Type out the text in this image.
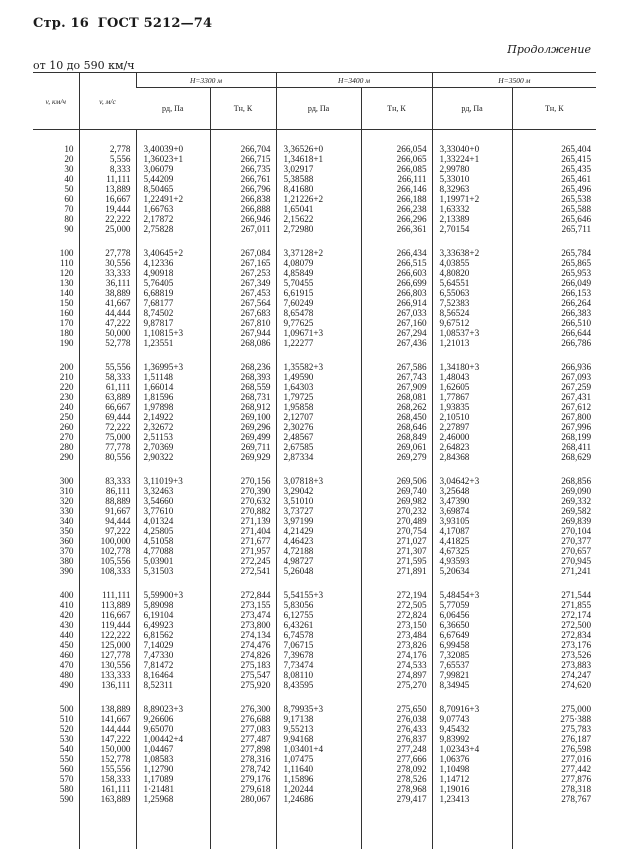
Стр. 16 ГОСТ 5212—74
Продолжение
от 10 до 590 км/ч
v, км/ч	v, м/с	H=3300 м		H=3400 м		H=3500 м	
		pд, Па	Tн, К	pд, Па	Tн, К	pд, Па	Tн, К

10	2,778	3,40039+0	266,704	3,36526+0	266,054	3,33040+0	265,404
20	5,556	1,36023+1	266,715	1,34618+1	266,065	1,33224+1	265,415
30	8,333	3,06079	266,735	3,02917	266,085	2,99780	265,435
40	11,111	5,44209	266,761	5,38588	266,111	5,33010	265,461
50	13,889	8,50465	266,796	8,41680	266,146	8,32963	265,496
60	16,667	1,22491+2	266,838	1,21226+2	266,188	1,19971+2	265,538
70	19,444	1,66763	266,888	1,65041	266,238	1,63332	265,588
80	22,222	2,17872	266,946	2,15622	266,296	2,13389	265,646
90	25,000	2,75828	267,011	2,72980	266,361	2,70154	265,711

100	27,778	3,40645+2	267,084	3,37128+2	266,434	3,33638+2	265,784
110	30,556	4,12336	267,165	4,08079	266,515	4,03855	265,865
120	33,333	4,90918	267,253	4,85849	266,603	4,80820	265,953
130	36,111	5,76405	267,349	5,70455	266,699	5,64551	266,049
140	38,889	6,68819	267,453	6,61915	266,803	6,55063	266,153
150	41,667	7,68177	267,564	7,60249	266,914	7,52383	266,264
160	44,444	8,74502	267,683	8,65478	267,033	8,56524	266,383
170	47,222	9,87817	267,810	9,77625	267,160	9,67512	266,510
180	50,000	1,10815+3	267,944	1,09671+3	267,294	1,08537+3	266,644
190	52,778	1,23551	268,086	1,22277	267,436	1,21013	266,786

200	55,556	1,36995+3	268,236	1,35582+3	267,586	1,34180+3	266,936
210	58,333	1,51148	268,393	1,49590	267,743	1,48043	267,093
220	61,111	1,66014	268,559	1,64303	267,909	1,62605	267,259
230	63,889	1,81596	268,731	1,79725	268,081	1,77867	267,431
240	66,667	1,97898	268,912	1,95858	268,262	1,93835	267,612
250	69,444	2,14922	269,100	2,12707	268,450	2,10510	267,800
260	72,222	2,32672	269,296	2,30276	268,646	2,27897	267,996
270	75,000	2,51153	269,499	2,48567	268,849	2,46000	268,199
280	77,778	2,70369	269,711	2,67585	269,061	2,64823	268,411
290	80,556	2,90322	269,929	2,87334	269,279	2,84368	268,629

300	83,333	3,11019+3	270,156	3,07818+3	269,506	3,04642+3	268,856
310	86,111	3,32463	270,390	3,29042	269,740	3,25648	269,090
320	88,889	3,54660	270,632	3,51010	269,982	3,47390	269,332
330	91,667	3,77610	270,882	3,73727	270,232	3,69874	269,582
340	94,444	4,01324	271,139	3,97199	270,489	3,93105	269,839
350	97,222	4,25805	271,404	4,21429	270,754	4,17087	270,104
360	100,000	4,51058	271,677	4,46423	271,027	4,41825	270,377
370	102,778	4,77088	271,957	4,72188	271,307	4,67325	270,657
380	105,556	5,03901	272,245	4,98727	271,595	4,93593	270,945
390	108,333	5,31503	272,541	5,26048	271,891	5,20634	271,241

400	111,111	5,59900+3	272,844	5,54155+3	272,194	5,48454+3	271,544
410	113,889	5,89098	273,155	5,83056	272,505	5,77059	271,855
420	116,667	6,19104	273,474	6,12755	272,824	6,06456	272,174
430	119,444	6,49923	273,800	6,43261	273,150	6,36650	272,500
440	122,222	6,81562	274,134	6,74578	273,484	6,67649	272,834
450	125,000	7,14029	274,476	7,06715	273,826	6,99458	273,176
460	127,778	7,47330	274,826	7,39678	274,176	7,32085	273,526
470	130,556	7,81472	275,183	7,73474	274,533	7,65537	273,883
480	133,333	8,16464	275,547	8,08110	274,897	7,99821	274,247
490	136,111	8,52311	275,920	8,43595	275,270	8,34945	274,620

500	138,889	8,89023+3	276,300	8,79935+3	275,650	8,70916+3	275,000
510	141,667	9,26606	276,688	9,17138	276,038	9,07743	275·388
520	144,444	9,65070	277,083	9,55213	276,433	9,45432	275,783
530	147,222	1,00442+4	277,487	9,94168	276,837	9,83992	276,187
540	150,000	1,04467	277,898	1,03401+4	277,248	1,02343+4	276,598
550	152,778	1,08583	278,316	1,07475	277,666	1,06376	277,016
560	155,556	1,12790	278,742	1,11640	278,092	1,10498	277,442
570	158,333	1,17089	279,176	1,15896	278,526	1,14712	277,876
580	161,111	1·21481	279,618	1,20244	278,968	1,19016	278,318
590	163,889	1,25968	280,067	1,24686	279,417	1,23413	278,767
